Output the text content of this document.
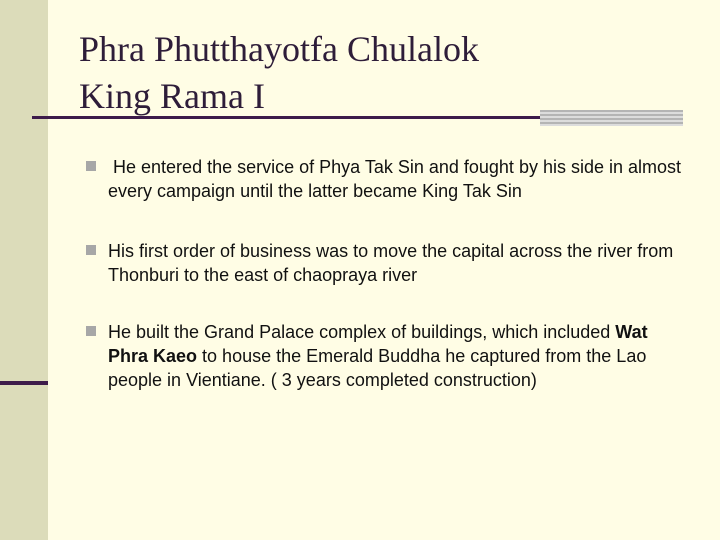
Phra Phutthayotfa Chulalok
King Rama I

He entered the service of Phya Tak Sin and fought by his side in almost every campaign until the latter became King Tak Sin

His first order of business was to move the capital across the river from Thonburi to the east of chaopraya river

He built the Grand Palace complex of buildings, which included Wat Phra Kaeo to house the Emerald Buddha he captured from the Lao people in Vientiane. ( 3 years completed construction)
